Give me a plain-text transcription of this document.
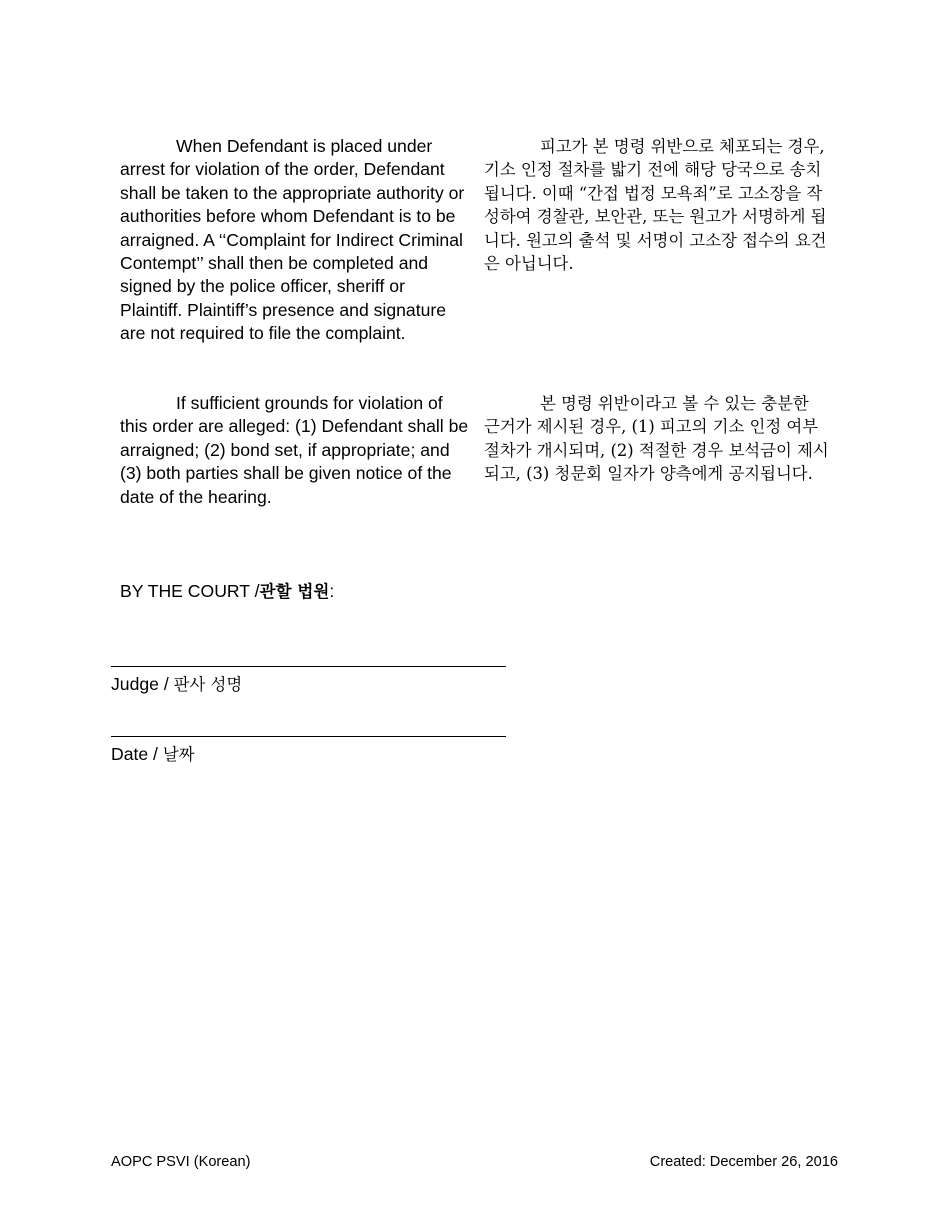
When Defendant is placed under arrest for violation of the order, Defendant shall be taken to the appropriate authority or authorities before whom Defendant is to be arraigned. A ‘‘Complaint for Indirect Criminal Contempt’’ shall then be completed and signed by the police officer, sheriff or Plaintiff. Plaintiff’s presence and signature are not required to file the complaint.

피고가 본 명령 위반으로 체포되는 경우, 기소 인정 절차를 밟기 전에 해당 당국으로 송치됩니다. 이때 “간접 법정 모욕죄”로 고소장을 작성하여 경찰관, 보안관, 또는 원고가 서명하게 됩니다. 원고의 출석 및 서명이 고소장 접수의 요건은 아닙니다.

If sufficient grounds for violation of this order are alleged: (1) Defendant shall be arraigned; (2) bond set, if appropriate; and (3) both parties shall be given notice of the date of the hearing.

본 명령 위반이라고 볼 수 있는 충분한 근거가 제시된 경우, (1) 피고의 기소 인정 여부 절차가 개시되며, (2) 적절한 경우 보석금이 제시되고, (3) 청문회 일자가 양측에게 공지됩니다.

BY THE COURT /관할 법원:
Judge / 판사 성명
Date / 날짜
AOPC PSVI (Korean)	Created: December 26, 2016
